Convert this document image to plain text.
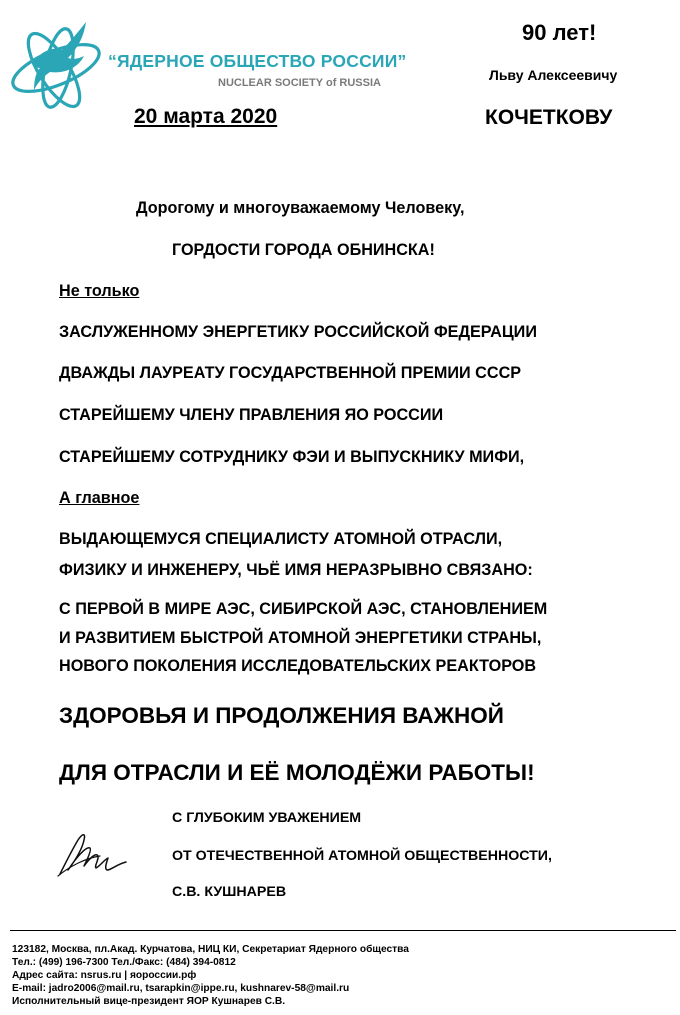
“ЯДЕРНОЕ ОБЩЕСТВО РОССИИ”
NUCLEAR SOCIETY of RUSSIA
90 лет!
Льву Алексеевичу
20 марта 2020	КОЧЕТКОВУ
Дорогому и многоуважаемому Человеку,
ГОРДОСТИ ГОРОДА ОБНИНСКА!
Не только
ЗАСЛУЖЕННОМУ ЭНЕРГЕТИКУ РОССИЙСКОЙ ФЕДЕРАЦИИ
ДВАЖДЫ ЛАУРЕАТУ ГОСУДАРСТВЕННОЙ ПРЕМИИ СССР
СТАРЕЙШЕМУ ЧЛЕНУ ПРАВЛЕНИЯ ЯО РОССИИ
СТАРЕЙШЕМУ СОТРУДНИКУ ФЭИ И ВЫПУСКНИКУ МИФИ,
А главное
ВЫДАЮЩЕМУСЯ СПЕЦИАЛИСТУ АТОМНОЙ ОТРАСЛИ,
ФИЗИКУ И ИНЖЕНЕРУ, ЧЬЁ ИМЯ НЕРАЗРЫВНО СВЯЗАНО:
С ПЕРВОЙ В МИРЕ АЭС, СИБИРСКОЙ АЭС, СТАНОВЛЕНИЕМ
И РАЗВИТИЕМ БЫСТРОЙ АТОМНОЙ ЭНЕРГЕТИКИ СТРАНЫ,
НОВОГО ПОКОЛЕНИЯ ИССЛЕДОВАТЕЛЬСКИХ РЕАКТОРОВ
ЗДОРОВЬЯ И ПРОДОЛЖЕНИЯ ВАЖНОЙ
ДЛЯ ОТРАСЛИ И ЕЁ МОЛОДЁЖИ РАБОТЫ!
С ГЛУБОКИМ УВАЖЕНИЕМ
ОТ ОТЕЧЕСТВЕННОЙ АТОМНОЙ ОБЩЕСТВЕННОСТИ,
С.В. КУШНАРЕВ
123182, Москва, пл.Акад. Курчатова, НИЦ КИ, Секретариат Ядерного общества
Тел.: (499) 196-7300 Тел./Факс: (484) 394-0812
Адрес сайта: nsrus.ru | яороссии.рф
E-mail: jadro2006@mail.ru, tsarapkin@ippe.ru, kushnarev-58@mail.ru
Исполнительный вице-президент ЯОР Кушнарев С.В.
